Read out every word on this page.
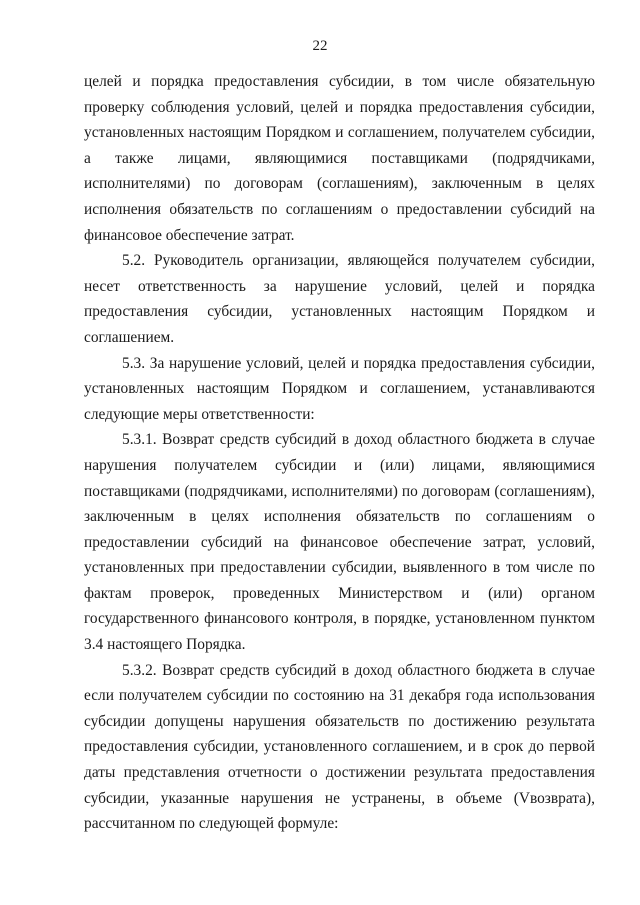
22

целей и порядка предоставления субсидии, в том числе обязательную проверку соблюдения условий, целей и порядка предоставления субсидии, установленных настоящим Порядком и соглашением, получателем субсидии, а также лицами, являющимися поставщиками (подрядчиками, исполнителями) по договорам (соглашениям), заключенным в целях исполнения обязательств по соглашениям о предоставлении субсидий на финансовое обеспечение затрат.

5.2. Руководитель организации, являющейся получателем субсидии, несет ответственность за нарушение условий, целей и порядка предоставления субсидии, установленных настоящим Порядком и соглашением.

5.3. За нарушение условий, целей и порядка предоставления субсидии, установленных настоящим Порядком и соглашением, устанавливаются следующие меры ответственности:

5.3.1. Возврат средств субсидий в доход областного бюджета в случае нарушения получателем субсидии и (или) лицами, являющимися поставщиками (подрядчиками, исполнителями) по договорам (соглашениям), заключенным в целях исполнения обязательств по соглашениям о предоставлении субсидий на финансовое обеспечение затрат, условий, установленных при предоставлении субсидии, выявленного в том числе по фактам проверок, проведенных Министерством и (или) органом государственного финансового контроля, в порядке, установленном пунктом 3.4 настоящего Порядка.

5.3.2. Возврат средств субсидий в доход областного бюджета в случае если получателем субсидии по состоянию на 31 декабря года использования субсидии допущены нарушения обязательств по достижению результата предоставления субсидии, установленного соглашением, и в срок до первой даты представления отчетности о достижении результата предоставления субсидии, указанные нарушения не устранены, в объеме (Vвозврата), рассчитанном по следующей формуле:
